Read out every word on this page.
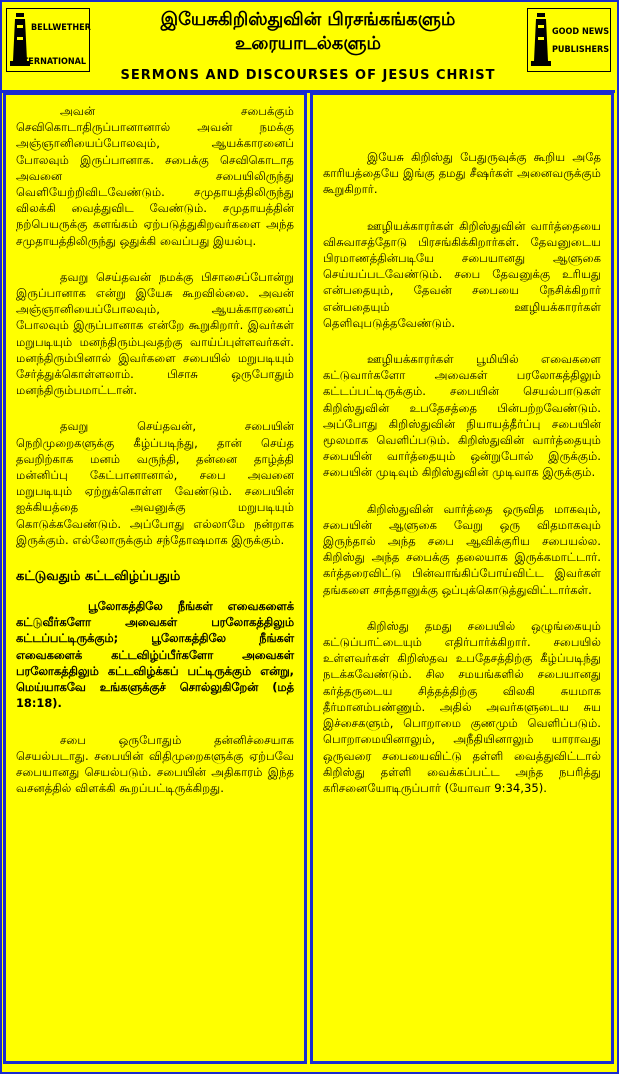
BELLWETHER
INTERNATIONAL
இயேசுகிறிஸ்துவின் பிரசங்கங்களும்
உரையாடல்களும்
SERMONS AND DISCOURSES OF JESUS CHRIST
GOOD NEWS
PUBLISHERS

அவன் சபைக்கும் செவிகொடாதிருப்பானானால் அவன் நமக்கு அஞ்ஞானியைப்போலவும், ஆயக்காரனைப் போலவும் இருப்பானாக. சபைக்கு செவிகொடாத அவனை சபையிலிருந்து வெளியேற்றிவிடவேண்டும். சமுதாயத்திலிருந்து விலக்கி வைத்துவிட வேண்டும். சமுதாயத்தின் நற்பெயருக்கு களங்கம் ஏற்படுத்துகிறவர்களை அந்த சமுதாயத்திலிருந்து ஒதுக்கி வைப்பது இயல்பு.

தவறு செய்தவன் நமக்கு பிசாசைப்போன்று இருப்பானாக என்று இயேசு கூறவில்லை. அவன் அஞ்ஞானியைப்போலவும், ஆயக்காரனைப் போலவும் இருப்பானாக என்றே கூறுகிறார். இவர்கள் மறுபடியும் மனந்திரும்புவதற்கு வாய்ப்புள்ளவர்கள். மனந்திரும்பினால் இவர்களை சபையில் மறுபடியும் சேர்த்துக்கொள்ளலாம். பிசாசு ஒருபோதும் மனந்திரும்பமாட்டான்.

தவறு செய்தவன், சபையின் நெறிமுறைகளுக்கு கீழ்ப்படிந்து, தான் செய்த தவறிற்காக மனம் வருந்தி, தன்னை தாழ்த்தி மன்னிப்பு கேட்பானானால், சபை அவனை மறுபடியும் ஏற்றுக்கொள்ள வேண்டும். சபையின் ஐக்கியத்தை அவனுக்கு மறுபடியும் கொடுக்கவேண்டும். அப்போது எல்லாமே நன்றாக இருக்கும். எல்லோருக்கும் சந்தோஷமாக இருக்கும்.

கட்டுவதும் கட்டவிழ்ப்பதும்

பூலோகத்திலே நீங்கள் எவைகளைக் கட்டுவீர்களோ அவைகள் பரலோகத்திலும் கட்டப்பட்டிருக்கும்; பூலோகத்திலே நீங்கள் எவைகளைக் கட்டவிழ்ப்பீர்களோ அவைகள் பரலோகத்திலும் கட்டவிழ்க்கப் பட்டிருக்கும் என்று, மெய்யாகவே உங்களுக்குச் சொல்லுகிறேன் (மத் 18:18).

சபை ஒருபோதும் தன்னிச்சையாக செயல்படாது. சபையின் விதிமுறைகளுக்கு ஏற்பவே சபையானது செயல்படும். சபையின் அதிகாரம் இந்த வசனத்தில் விளக்கி கூறப்பட்டிருக்கிறது.

இயேசு கிறிஸ்து பேதுருவுக்கு கூறிய அதே காரியத்தையே இங்கு தமது சீஷர்கள் அனைவருக்கும் கூறுகிறார்.

ஊழியக்காரர்கள் கிறிஸ்துவின் வார்த்தையை விசுவாசத்தோடு பிரசங்கிக்கிறார்கள். தேவனுடைய பிரமாணத்தின்படியே சபையானது ஆளுகை செய்யப்படவேண்டும். சபை தேவனுக்கு உரியது என்பதையும், தேவன் சபையை நேசிக்கிறார் என்பதையும் ஊழியக்காரர்கள் தெளிவுபடுத்தவேண்டும்.

ஊழியக்காரர்கள் பூமியில் எவைகளை கட்டுவார்களோ அவைகள் பரலோகத்திலும் கட்டப்பட்டிருக்கும். சபையின் செயல்பாடுகள் கிறிஸ்துவின் உபதேசத்தை பின்பற்றவேண்டும். அப்போது கிறிஸ்துவின் நியாயத்தீர்ப்பு சபையின் மூலமாக வெளிப்படும். கிறிஸ்துவின் வார்த்தையும் சபையின் வார்த்தையும் ஒன்றுபோல் இருக்கும். சபையின் முடிவும் கிறிஸ்துவின் முடிவாக இருக்கும்.

கிறிஸ்துவின் வார்த்தை ஒருவித மாகவும், சபையின் ஆளுகை வேறு ஒரு விதமாகவும் இருந்தால் அந்த சபை ஆவிக்குரிய சபையல்ல. கிறிஸ்து அந்த சபைக்கு தலையாக இருக்கமாட்டார். கர்த்தரைவிட்டு பின்வாங்கிப்போய்விட்ட இவர்கள் தங்களை சாத்தானுக்கு ஒப்புக்கொடுத்துவிட்டார்கள்.

கிறிஸ்து தமது சபையில் ஒழுங்கையும் கட்டுப்பாட்டையும் எதிர்பார்க்கிறார். சபையில் உள்ளவர்கள் கிறிஸ்தவ உபதேசத்திற்கு கீழ்ப்படிந்து நடக்கவேண்டும். சில சமயங்களில் சபையானது கர்த்தருடைய சித்தத்திற்கு விலகி சுயமாக தீர்மானம்பண்ணும். அதில் அவர்களுடைய சுய இச்சைகளும், பொறாமை குணமும் வெளிப்படும். பொறாமையினாலும், அநீதியினாலும் யாராவது ஒருவரை சபையைவிட்டு தள்ளி வைத்துவிட்டால் கிறிஸ்து தள்ளி வைக்கப்பட்ட அந்த நபரித்து கரிசனையோடிருப்பார் (யோவா 9:34,35).
